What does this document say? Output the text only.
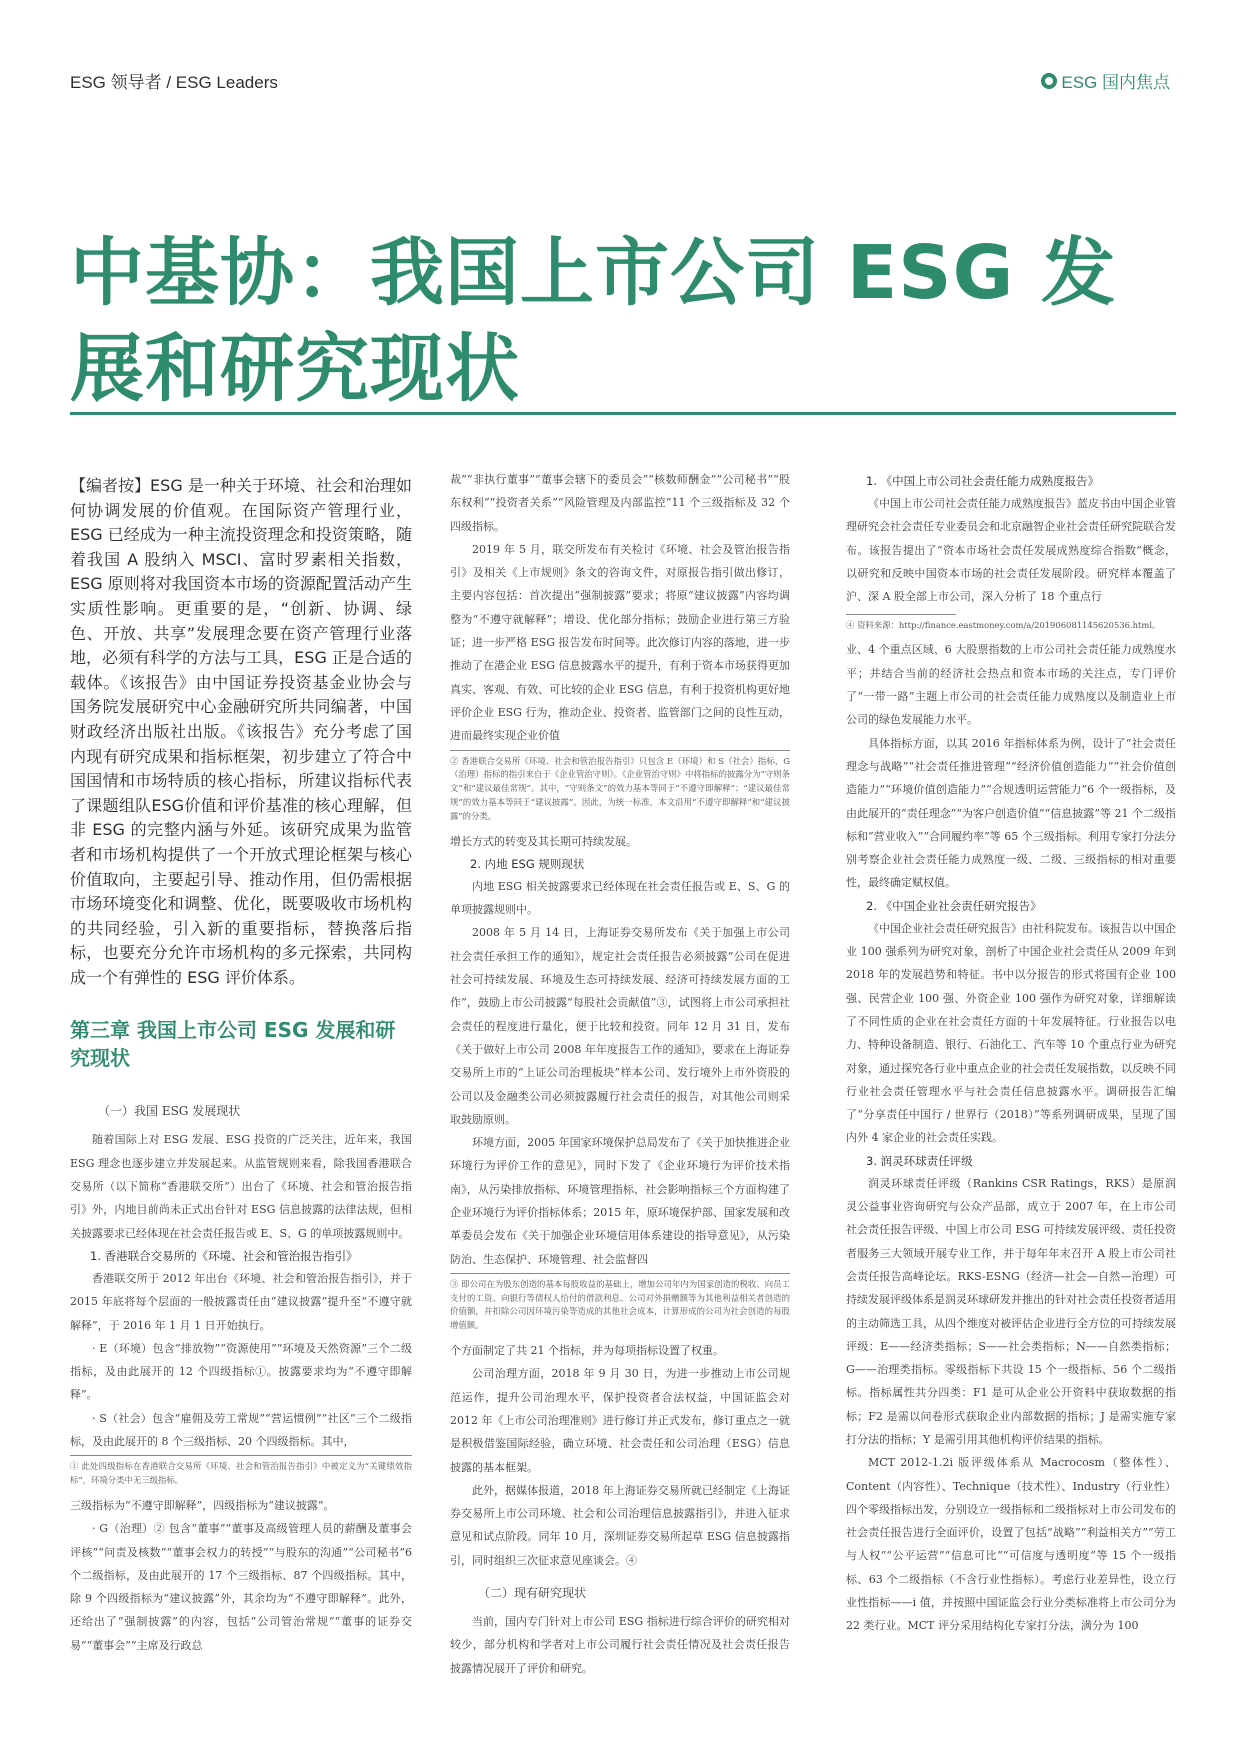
ESG 领导者 / ESG Leaders	ESG 国内焦点
中基协：我国上市公司 ESG 发展和研究现状

【编者按】ESG 是一种关于环境、社会和治理如何协调发展的价值观。在国际资产管理行业，ESG 已经成为一种主流投资理念和投资策略，随着我国 A 股纳入 MSCI、富时罗素相关指数，ESG 原则将对我国资本市场的资源配置活动产生实质性影响。更重要的是，“创新、协调、绿色、开放、共享”发展理念要在资产管理行业落地，必须有科学的方法与工具，ESG 正是合适的载体。《该报告》由中国证券投资基金业协会与国务院发展研究中心金融研究所共同编著，中国财政经济出版社出版。《该报告》充分考虑了国内现有研究成果和指标框架，初步建立了符合中国国情和市场特质的核心指标，所建议指标代表了课题组队ESG价值和评价基准的核心理解，但非 ESG 的完整内涵与外延。该研究成果为监管者和市场机构提供了一个开放式理论框架与核心价值取向，主要起引导、推动作用，但仍需根据市场环境变化和调整、优化，既要吸收市场机构的共同经验，引入新的重要指标，替换落后指标，也要充分允许市场机构的多元探索，共同构成一个有弹性的 ESG 评价体系。

第三章 我国上市公司 ESG 发展和研究现状
（一）我国 ESG 发展现状

随着国际上对 ESG 发展、ESG 投资的广泛关注，近年来，我国 ESG 理念也逐步建立并发展起来。从监管规则来看，除我国香港联合交易所（以下简称“香港联交所”）出台了《环境、社会和管治报告指引》外，内地目前尚未正式出台针对 ESG 信息披露的法律法规，但相关披露要求已经体现在社会责任报告或 E、S、G 的单项披露规则中。

1. 香港联合交易所的《环境、社会和管治报告指引》

香港联交所于 2012 年出台《环境、社会和管治报告指引》，并于 2015 年底将每个层面的一般披露责任由“建议披露”提升至“不遵守就解释”，于 2016 年 1 月 1 日开始执行。

· E（环境）包含“排放物”“资源使用”“环境及天然资源”三个二级指标，及由此展开的 12 个四级指标①。披露要求均为“不遵守即解释”。

· S（社会）包含“雇佣及劳工常规”“营运惯例”“社区”三个二级指标，及由此展开的 8 个三级指标、20 个四级指标。其中，

① 此处四级指标在香港联合交易所《环境、社会和管治报告指引》中被定义为“关键绩效指标”，环境分类中无三级指标。

三级指标为“不遵守即解释”，四级指标为“建议披露”。

· G（治理）② 包含“董事”“董事及高级管理人员的薪酬及董事会评核”“问责及核数”“董事会权力的转授”“与股东的沟通”“公司秘书”6 个二级指标，及由此展开的 17 个三级指标、87 个四级指标。其中，除 9 个四级指标为“建议披露”外，其余均为“不遵守即解释”。此外，还给出了“强制披露”的内容，包括“公司管治常规”“董事的证券交易”“董事会”“主席及行政总

裁”“非执行董事”“董事会辖下的委员会”“核数师酬金”“公司秘书”“股东权利”“投资者关系”“风险管理及内部监控”11 个三级指标及 32 个四级指标。

2019 年 5 月，联交所发布有关检讨《环境、社会及管治报告指引》及相关《上市规则》条文的咨询文件，对原报告指引做出修订，主要内容包括：首次提出“强制披露”要求；将原“建议披露”内容均调整为“不遵守就解释”；增设、优化部分指标；鼓励企业进行第三方验证；进一步严格 ESG 报告发布时间等。此次修订内容的落地，进一步推动了在港企业 ESG 信息披露水平的提升，有利于资本市场获得更加真实、客观、有效、可比较的企业 ESG 信息，有利于投资机构更好地评价企业 ESG 行为，推动企业、投资者、监管部门之间的良性互动，进而最终实现企业价值

② 香港联合交易所《环境、社会和管治报告指引》只包含 E（环境）和 S（社会）指标，G（治理）指标的指引来自于《企业管治守则》。《企业管治守则》中将指标的披露分为“守则条文”和“建议最佳常规”。其中，“守则条文”的效力基本等同于“不遵守即解释”；“建议最佳常规”的效力基本等同于“建议披露”。因此，为统一标准，本文沿用“不遵守即解释”和“建议披露”的分类。

增长方式的转变及其长期可持续发展。

2. 内地 ESG 规则现状

内地 ESG 相关披露要求已经体现在社会责任报告或 E、S、G 的单项披露规则中。

2008 年 5 月 14 日，上海证券交易所发布《关于加强上市公司社会责任承担工作的通知》，规定社会责任报告必须披露“公司在促进社会可持续发展、环境及生态可持续发展、经济可持续发展方面的工作”，鼓励上市公司披露“每股社会贡献值”③，试图将上市公司承担社会责任的程度进行量化，便于比较和投资。同年 12 月 31 日，发布《关于做好上市公司 2008 年年度报告工作的通知》，要求在上海证券交易所上市的“上证公司治理板块”样本公司、发行境外上市外资股的公司以及金融类公司必须披露履行社会责任的报告，对其他公司则采取鼓励原则。

环境方面，2005 年国家环境保护总局发布了《关于加快推进企业环境行为评价工作的意见》，同时下发了《企业环境行为评价技术指南》，从污染排放指标、环境管理指标、社会影响指标三个方面构建了企业环境行为评价指标体系；2015 年，原环境保护部、国家发展和改革委员会发布《关于加强企业环境信用体系建设的指导意见》，从污染防治、生态保护、环境管理、社会监督四

③ 即公司在为股东创造的基本每股收益的基础上，增加公司年内为国家创造的税收、向员工支付的工资、向银行等债权人给付的借款利息、公司对外捐赠额等为其他利益相关者创造的价值额，并扣除公司因环境污染等造成的其他社会成本，计算形成的公司为社会创造的每股增值额。

个方面制定了共 21 个指标，并为每项指标设置了权重。

公司治理方面，2018 年 9 月 30 日，为进一步推动上市公司规范运作，提升公司治理水平，保护投资者合法权益，中国证监会对 2012 年《上市公司治理准则》进行修订并正式发布，修订重点之一就是积极借鉴国际经验，确立环境、社会责任和公司治理（ESG）信息披露的基本框架。

此外，据媒体报道，2018 年上海证券交易所就已经制定《上海证券交易所上市公司环境、社会和公司治理信息披露指引》，并进入征求意见和试点阶段。同年 10 月，深圳证券交易所起草 ESG 信息披露指引，同时组织三次征求意见座谈会。④

（二）现有研究现状

当前，国内专门针对上市公司 ESG 指标进行综合评价的研究相对较少，部分机构和学者对上市公司履行社会责任情况及社会责任报告披露情况展开了评价和研究。

1. 《中国上市公司社会责任能力成熟度报告》

《中国上市公司社会责任能力成熟度报告》蓝皮书由中国企业管理研究会社会责任专业委员会和北京融智企业社会责任研究院联合发布。该报告提出了“资本市场社会责任发展成熟度综合指数”概念，以研究和反映中国资本市场的社会责任发展阶段。研究样本覆盖了沪、深 A 股全部上市公司，深入分析了 18 个重点行

④ 资料来源：http://finance.eastmoney.com/a/201906081145620536.html。

业、4 个重点区域、6 大股票指数的上市公司社会责任能力成熟度水平；并结合当前的经济社会热点和资本市场的关注点，专门评价了“一带一路”主题上市公司的社会责任能力成熟度以及制造业上市公司的绿色发展能力水平。

具体指标方面，以其 2016 年指标体系为例，设计了“社会责任理念与战略”“社会责任推进管理”“经济价值创造能力”“社会价值创造能力”“环境价值创造能力”“合规透明运营能力”6 个一级指标，及由此展开的“责任理念”“为客户创造价值”“信息披露”等 21 个二级指标和“营业收入”“合同履约率”等 65 个三级指标。利用专家打分法分别考察企业社会责任能力成熟度一级、二级、三级指标的相对重要性，最终确定赋权值。

2. 《中国企业社会责任研究报告》

《中国企业社会责任研究报告》由社科院发布。该报告以中国企业 100 强系列为研究对象，剖析了中国企业社会责任从 2009 年到 2018 年的发展趋势和特征。书中以分报告的形式将国有企业 100 强、民营企业 100 强、外资企业 100 强作为研究对象，详细解读了不同性质的企业在社会责任方面的十年发展特征。行业报告以电力、特种设备制造、银行、石油化工、汽车等 10 个重点行业为研究对象，通过探究各行业中重点企业的社会责任发展指数，以反映不同行业社会责任管理水平与社会责任信息披露水平。调研报告汇编了“分享责任中国行 / 世界行（2018）”等系列调研成果，呈现了国内外 4 家企业的社会责任实践。

3. 润灵环球责任评级

润灵环球责任评级（Rankins CSR Ratings，RKS）是原润灵公益事业咨询研究与公众产品部，成立于 2007 年，在上市公司社会责任报告评级、中国上市公司 ESG 可持续发展评级、责任投资者服务三大领域开展专业工作，并于每年年末召开 A 股上市公司社会责任报告高峰论坛。RKS-ESNG（经济—社会—自然—治理）可持续发展评级体系是润灵环球研发并推出的针对社会责任投资者适用的主动筛选工具，从四个维度对被评估企业进行全方位的可持续发展评级：E——经济类指标；S——社会类指标；N——自然类指标；G——治理类指标。零级指标下共设 15 个一级指标、56 个二级指标。指标属性共分四类：F1 是可从企业公开资料中获取数据的指标；F2 是需以问卷形式获取企业内部数据的指标；J 是需实施专家打分法的指标；Y 是需引用其他机构评价结果的指标。

MCT 2012-1.2i 版评级体系从 Macrocosm（整体性）、Content（内容性）、Technique（技术性）、Industry（行业性）四个零级指标出发，分别设立一级指标和二级指标对上市公司发布的社会责任报告进行全面评价，设置了包括“战略”“利益相关方”“劳工与人权”“公平运营”“信息可比”“可信度与透明度”等 15 个一级指标、63 个二级指标（不含行业性指标）。考虑行业差异性，设立行业性指标——i 值，并按照中国证监会行业分类标准将上市公司分为 22 类行业。MCT 评分采用结构化专家打分法，满分为 100
